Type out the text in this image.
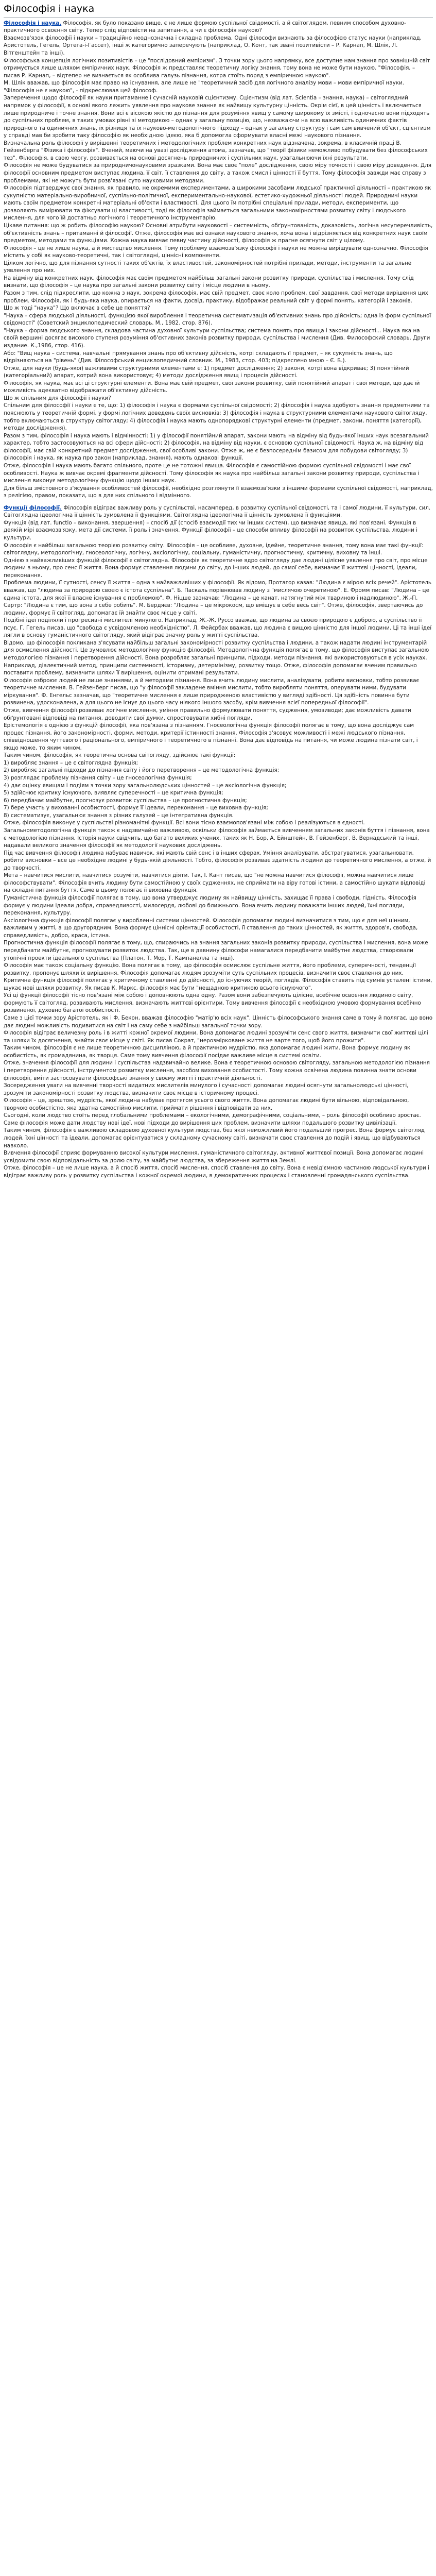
Філософія і наука

Філософія і наука. Філософія, як було показано вище, є не лише формою суспільної свідомості, а й світоглядом, певним способом духовно-практичного освоєння світу. Тепер слід відповісти на запитання, а чи є філософія наукою?

Взаємозв'язок філософії і науки – традиційно неоднозначна і складна проблема. Одні філософи визнають за філософією статус науки (наприклад, Аристотель, Гегель, Ортега-і-Гассет), інші ж категорично заперечують (наприклад, О. Конт, так звані позитивісти – Р. Карнап, М. Шлік, Л. Вітгенштейн та інші).

Філософська концепція логічних позитивістів – це "послідовний емпіризм". З точки зору цього напрямку, все доступне нам знання про зовнішній світ отримується лише шляхом емпіричних наук. Філософія ж представляє теоретичну логіку знання, тому вона не може бути наукою. "Філософія, – писав Р. Карнап, – відтепер не визнається як особлива галузь пізнання, котра стоїть поряд з емпіричною наукою".

М. Шлік вважав, що філософія має право на існування, але лише не "теоретичний засіб для логічного аналізу мови – мови емпіричної науки. "Філософія не є наукою", - підкреслював цей філософ.

Заперечення щодо філософії як науки притаманне і сучасній науковій сцієнтизму. Сцієнтизм (від лат. Scientia – знання, наука) – світоглядний напрямок у філософії, в основі якого лежить уявлення про науковe знання як найвищу культурну цінність. Окрім сієї, в цей цінність і включається лише природниче і точне знання. Вони всі є віcокою якіcтю до пізнання для розуміння явищ у самому широкому їх змісті, і одночасно вони підходять до суспільних проблем, в таких умовах рівні зі методикою – однак у загальну позицію, що, незважаючи на всю важливість одиничних фактів природного та одиничних знань, їх різниця та їх науково-методологічного підходу – однак у загальну структуру і сам сам вивчений об'єкт, сцієнтизм у справді мав би зробити таку філософію як необхідною ідеєю, яка б допомогла сформувати власні межі наукового пізнання.

Визначальна роль філософії у вирішенні теоретичних і методологічних проблем конкретних наук відзначена, зокрема, в класичній праці В. Гейзенберга "Фізика і філософія". Вчений, маючи на увазі дослідження атома, зазначав, що "теорії фізики неможливо побудувати без філософських тез". Філософія, в свою чергу, розвивається на основі досягнень природничих і суспільних наук, узагальнюючи їхні результати.

Філософія не може будуватися за природничонауковими зразками. Вона має своє "поле" дослідження, свою міру точності і свою міру доведення. Для філософії основним предметом виступає людина, її світ, її ставлення до світу, а також смисл і цінності її буття. Тому філософія завжди має справу з проблемами, які не можуть бути розв'язані суто науковими методами.

Філософія підтверджує свої знання, як правило, не окремими експериментами, а широкими засобами людської практичної діяльності – практикою як сукупністю матеріально-виробничої, суспільно-політичної, експериментально-наукової, естетико-художньої діяльності людей. Природничі науки мають своїм предметом конкретні матеріальні об'єкти і властивості. Для цього їм потрібні спеціальні прилади, методи, експерименти, що дозволяють вимірювати та фіксувати ці властивості, тоді як філософія займається загальними закономірностями розвитку світу і людського мислення, для чого їй достатньо логічного і теоретичного інструментарію.

Цікаве питання: що ж робить філософію наукою? Основні атрибути науковості – системність, обґрунтованість, доказовість, логічна несуперечливість, об'єктивність знань – притаманні й філософії. Отже, філософія має всі ознаки наукового знання, хоча вона і відрізняється від конкретних наук своїм предметом, методами та функціями. Кожна наука вивчає певну частину дійсності, філософія ж прагне осягнути світ у цілому.

Філософія – це не лише наука, а й мистецтво мислення. Тому проблему взаємозв'язку філософії і науки не можна вирішувати однозначно. Філософія містить у собі як науково-теоретичні, так і світоглядні, ціннісні компоненти.

Цілком логічно, що для пізнання сутності таких об'єктів, їх властивостей, закономірностей потрібні прилади, методи, інструменти та загальне уявлення про них.

На відміну від конкретних наук, філософія має своїм предметом найбільш загальні закони розвитку природи, суспільства і мислення. Тому слід визнати, що філософія – це наука про загальні закони розвитку світу і місце людини в ньому.

Разом з тим, слід підкреслити, що кожна з наук, зокрема філософія, має свій предмет, своє коло проблем, свої завдання, свої методи вирішення цих проблем. Філософія, як і будь-яка наука, опирається на факти, досвід, практику, відображає реальний світ у формі понять, категорій і законів.

Що ж тоді "наука"? Що включає в себе це поняття?

"Наука – сфера людської діяльності, функцією якої вироблення і теоретична систематизація об'єктивних знань про дійсність; одна із форм суспільної свідомості" (Советский энциклопедический словарь. М., 1982. стор. 876).

"Наука – форма людського знання, складова частина духовної культури суспільства; система понять про явища і закони дійсності... Наука яка на своїй вершині досягає високого ступеня розуміння об'єктивних законів розвитку природи, суспільства і мислення (Див. Философский словарь. Други издание. К.,1986, стор. 416).

Або: "Вищ наука – система, навчальні прямування знань про об'єктивну дійсність, котрі складають її предмет, – як сукупність знань, що відрізняються на "рівень" (Див. Філософський енциклопедичний словник. М., 1983, стор. 403; підкреслено мною – Є. Б.).

Отже, для науки (будь-якої) важливими структурними елементами є: 1) предмет дослідження; 2) закони, котрі вона відкриває; 3) понятійний (категоріальний) апарат, котрий вона використовує; 4) методи дослідження явищ і процесів дійсності.

Філософія, як наука, має всі ці структурні елементи. Вона має свій предмет, свої закони розвитку, свій понятійний апарат і свої методи, що дає їй можливість адекватно відображати об'єктивну дійсність.

Що ж спільним для філософії і науки?

Спільним для філософії і науки є те, що: 1) філософія і наука є формами суспільної свідомості; 2) філософія і наука здобують знання предметними та пояснюють у теоретичній формі, у формі логічних доведень своїх висновків; 3) філософія і наука в структурними елементами наукового світогляду, тобто включаються в структуру світогляду; 4) філософія і наука мають однопорядкові структурні елементи (предмет, закони, поняття (категорії), методи дослідження).

Разом з тим, філософія і наука мають і відмінності: 1) у філософії понятійний апарат, закони мають на відміну від будь-якої інших наук всезагальний характер, тобто застосовуються на всі сфери дійсності; 2) філософія, на відміну від науки, є основою суспільної свідомості. Наука ж, на відміну від філософії, має свій конкретний предмет дослідження, свої особливі закони. Отже ж, не є безпосереднім базисом для побудови світогляду; 3) філософія і наука, як наука про закон (наприклад, знання), мають однакові функції.

Отже, філософія і наука мають багато спільного, проте це не тотожні явища. Філософія є самостійною формою суспільної свідомості і має свої особливості. Наука ж вивчає окремі фрагменти дійсності. Тому філософія як наука про найбільш загальні закони розвитку природи, суспільства і мислення виконує методологічну функцію щодо інших наук.

Для більш змістовного з'ясування особливостей філософії, необхідно розглянути її взаємозв'язки з іншими формами суспільної свідомості, наприклад, з релігією, правом, показати, що в для них спільного і відмінного.

Функції філософії. Філософія відіграє важливу роль у суспільстві, насамперед, в розвитку суспільної свідомості, та і самої людини, її культури, сил. Світоглядна ідеологічна її цінність зумовлена її функціями. Світоглядна ідеологічна її цінність зумовлена її функціями.

Функція (від лат. functio – виконання, звершення) – спосіб дії (спосіб взаємодії тих чи інших систем), що визначає явища, які пов'язані. Функція в деякій мірі взаємозв'язку, мета дії системи, її роль і значення. Функції філософії – це способи впливу філософії на розвиток суспільства, людини і культури.

Філософія є найбільш загальною теорією розвитку світу. Філософія – це особливе, духовне, ідейне, теоретичне знання, тому вона має такі функції: світоглядну, методологічну, гносеологічну, логічну, аксіологічну, соціальну, гуманістичну, прогностичну, критичну, виховну та інші.

Однією з найважливіших функцій філософії є світоглядна. Філософія як теоретичне ядро світогляду дає людині цілісне уявлення про світ, про місце людини в ньому, про сенс її життя. Вона формує ставлення людини до світу, до інших людей, до самої себе, визначає її життєві цінності, ідеали, переконання.

Проблема людини, її сутності, сенсу її життя – одна з найважливіших у філософії. Як відомо, Протагор казав: "Людина є мірою всіх речей". Арістотель вважав, що "людина за природою своєю є істота суспільна". Б. Паскаль порівнював людину з "мислячою очеретиною". Е. Фромм писав: "Людина – це єдина істота, для якої її власне існування є проблемою". Ф. Ніцше зазначав: "Людина – це канат, натягнутий між твариною і надлюдиною". Ж.-П. Сартр: "Людина є тим, що вона з себе робить". М. Бердяєв: "Людина – це мікрокосм, що вміщує в себе весь світ". Отже, філософія, звертаючись до людини, формує її світогляд, допомагає їй знайти своє місце у світі.

Подібні ідеї поділяли і прогресивні мислителі минулого. Наприклад, Ж.-Ж. Руссо вважав, що людина за своєю природою є доброю, а суспільство її псує. Г. Гегель писав, що "свобода є усвідомленою необхідністю". Л. Фейєрбах вважав, що людина є вищою цінністю для іншої людини. Ці та інші ідеї лягли в основу гуманістичного світогляду, який відіграє значну роль у житті суспільства.

Відомо, що філософія покликана з'ясувати найбільш загальні закономірності розвитку суспільства і людини, а також надати людині інструментарій для осмислення дійсності. Це зумовлює методологічну функцію філософії. Методологічна функція полягає в тому, що філософія виступає загальною методологією пізнання і перетворення дійсності. Вона розробляє загальні принципи, підходи, методи пізнання, які використовуються в усіх науках. Наприклад, діалектичний метод, принципи системності, історизму, детермінізму, розвитку тощо. Отже, філософія допомагає вченим правильно поставити проблему, визначити шляхи її вирішення, оцінити отримані результати.

Філософія озброює людей не лише знаннями, а й методами пізнання. Вона вчить людину мислити, аналізувати, робити висновки, тобто розвиває теоретичне мислення. В. Гейзенберг писав, що "у філософії закладене вміння мислити, тобто виробляти поняття, оперувати ними, будувати міркування". Ф. Енгельс зазначав, що "теоретичне мислення є лише природженою властивістю у вигляді здібності. Ця здібність повинна бути розвинена, удосконалена, а для цього не існує до цього часу ніякого іншого засобу, крім вивчення всієї попередньої філософії".

Отже, вивчення філософії розвиває логічне мислення, уміння правильно формулювати поняття, судження, умовиводи; дає можливість давати обґрунтовані відповіді на питання, доводити свої думки, спростовувати хибні погляди.

Еpiстемологія є однією з функцій філософії, яка пов'язана з пізнанням. Гносеологічна функція філософії полягає в тому, що вона досліджує сам процес пізнання, його закономірності, форми, методи, критерії істинності знання. Філософія з'ясовує можливості і межі людського пізнання, співвідношення чуттєвого і раціонального, емпіричного і теоретичного в пізнанні. Вона дає відповідь на питання, чи може людина пізнати світ, і якщо може, то яким чином.

Таким чином, філософія, як теоретична основа світогляду, здійснює такі функції:

1) виробляє знання – це є світоглядна функція;

2) виробляє загальні підходи до пізнання світу і його перетворення – це методологічна функція;

3) розглядає проблему пізнання світу – це гносеологічна функція;

4) дає оцінку явищам і подіям з точки зору загальнолюдських цінностей – це аксіологічна функція;

5) здійснює критику існуючого, виявляє суперечності – це критична функція;

6) передбачає майбутнє, прогнозує розвиток суспільства – це прогностична функція;

7) бере участь у вихованні особистості, формує її ідеали, переконання – це виховна функція;

8) систематизує, узагальнює знання з різних галузей – це інтегративна функція.

Отже, філософія виконує у суспільстві різноманітні функції. Всі вони тісно взаємопов'язані між собою і реалізуються в єдності.

Загальнометодологічна функція також є надзвичайно важливою, оскільки філософія займається вивченням загальних законів буття і пізнання, вона є методологією пізнання. Історія науки свідчить, що багато великих учених, таких як Н. Бор, А. Ейнштейн, В. Гейзенберг, В. Вернадський та інші, надавали великого значення філософії як методології наукових досліджень.

Під час вивчення філософії людина набуває навичок, які мають свій сенс і в інших сферах. Уміння аналізувати, абстрагуватися, узагальнювати, робити висновки – все це необхідне людині у будь-якій діяльності. Тобто, філософія розвиває здатність людини до теоретичного мислення, а отже, й до творчості.

Мета – навчитися мислити, навчитися розуміти, навчитися діяти. Так, І. Кант писав, що "не можна навчитися філософії, можна навчитися лише філософствувати". Філософія вчить людину бути самостійною у своїх судженнях, не сприймати на віру готові істини, а самостійно шукати відповіді на складні питання буття. Саме в цьому полягає її виховна функція.

Гуманістична функція філософії полягає в тому, що вона утверджує людину як найвищу цінність, захищає її права і свободи, гідність. Філософія формує у людини ідеали добра, справедливості, милосердя, любові до ближнього. Вона вчить людину поважати інших людей, їхні погляди, переконання, культуру.

Аксіологічна функція філософії полягає у виробленні системи цінностей. Філософія допомагає людині визначитися з тим, що є для неї цінним, важливим у житті, а що другорядним. Вона формує ціннісні орієнтації особистості, її ставлення до таких цінностей, як життя, здоров'я, свобода, справедливість, добро, краса, істина.

Прогностична функція філософії полягає в тому, що, спираючись на знання загальних законів розвитку природи, суспільства і мислення, вона може передбачати майбутнє, прогнозувати розвиток людства. Так, ще в давнину філософи намагалися передбачити майбутнє людства, створювали утопічні проекти ідеального суспільства (Платон, Т. Мор, Т. Кампанелла та інші).

Філософія має також соціальну функцію. Вона полягає в тому, що філософія осмислює суспільне життя, його проблеми, суперечності, тенденції розвитку, пропонує шляхи їх вирішення. Філософія допомагає людям зрозуміти суть суспільних процесів, визначити своє ставлення до них.

Критична функція філософії полягає у критичному ставленні до дійсності, до існуючих теорій, поглядів. Філософія ставить під сумнів усталені істини, шукає нові шляхи розвитку. Як писав К. Маркс, філософія має бути "нещадною критикою всього існуючого".

Усі ці функції філософії тісно пов'язані між собою і доповнюють одна одну. Разом вони забезпечують цілісне, всебічне освоєння людиною світу, формують її світогляд, розвивають мислення, визначають життєві орієнтири. Тому вивчення філософії є необхідною умовою формування всебічно розвиненої, духовно багатої особистості.

Саме з цієї точки зору Арістотель, як і Ф. Бекон, вважав філософію "матір'ю всіх наук". Цінність філософського знання саме в тому й полягає, що воно дає людині можливість подивитися на світ і на саму себе з найбільш загальної точки зору.

Філософія відіграє величезну роль і в житті кожної окремої людини. Вона допомагає людині зрозуміти сенс свого життя, визначити свої життєві цілі та шляхи їх досягнення, знайти своє місце у світі. Як писав Сократ, "нерозмірковане життя не варте того, щоб його прожити".

Таким чином, філософія є не лише теоретичною дисципліною, а й практичною мудрістю, яка допомагає людині жити. Вона формує людину як особистість, як громадянина, як творця. Саме тому вивчення філософії посідає важливе місце в системі освіти.

Отже, значення філософії для людини і суспільства надзвичайно велике. Вона є теоретичною основою світогляду, загальною методологією пізнання і перетворення дійсності, інструментом розвитку мислення, засобом виховання особистості. Тому кожна освічена людина повинна знати основи філософії, вміти застосовувати філософські знання у своєму житті і практичній діяльності.

Зосередження уваги на вивченні творчості видатних мислителів минулого і сучасності допомагає людині осягнути загальнолюдські цінності, зрозуміти закономірності розвитку людства, визначити своє місце в історичному процесі.

Філософія – це, зрештою, мудрість, якої людина набуває протягом усього свого життя. Вона допомагає людині бути вільною, відповідальною, творчою особистістю, яка здатна самостійно мислити, приймати рішення і відповідати за них.

Сьогодні, коли людство стоїть перед глобальними проблемами – екологічними, демографічними, соціальними, – роль філософії особливо зростає. Саме філософія може дати людству нові ідеї, нові підходи до вирішення цих проблем, визначити шляхи подальшого розвитку цивілізації.

Таким чином, філософія є важливою складовою духовної культури людства, без якої неможливий його подальший прогрес. Вона формує світогляд людей, їхні цінності та ідеали, допомагає орієнтуватися у складному сучасному світі, визначати своє ставлення до подій і явищ, що відбуваються навколо.

Вивчення філософії сприяє формуванню високої культури мислення, гуманістичного світогляду, активної життєвої позиції. Вона допомагає людині усвідомити свою відповідальність за долю світу, за майбутнє людства, за збереження життя на Землі.

Отже, філософія – це не лише наука, а й спосіб життя, спосіб мислення, спосіб ставлення до світу. Вона є невід'ємною частиною людської культури і відіграє важливу роль у розвитку суспільства і кожної окремої людини, в демократичних процесах і становленні громадянського суспільства.
